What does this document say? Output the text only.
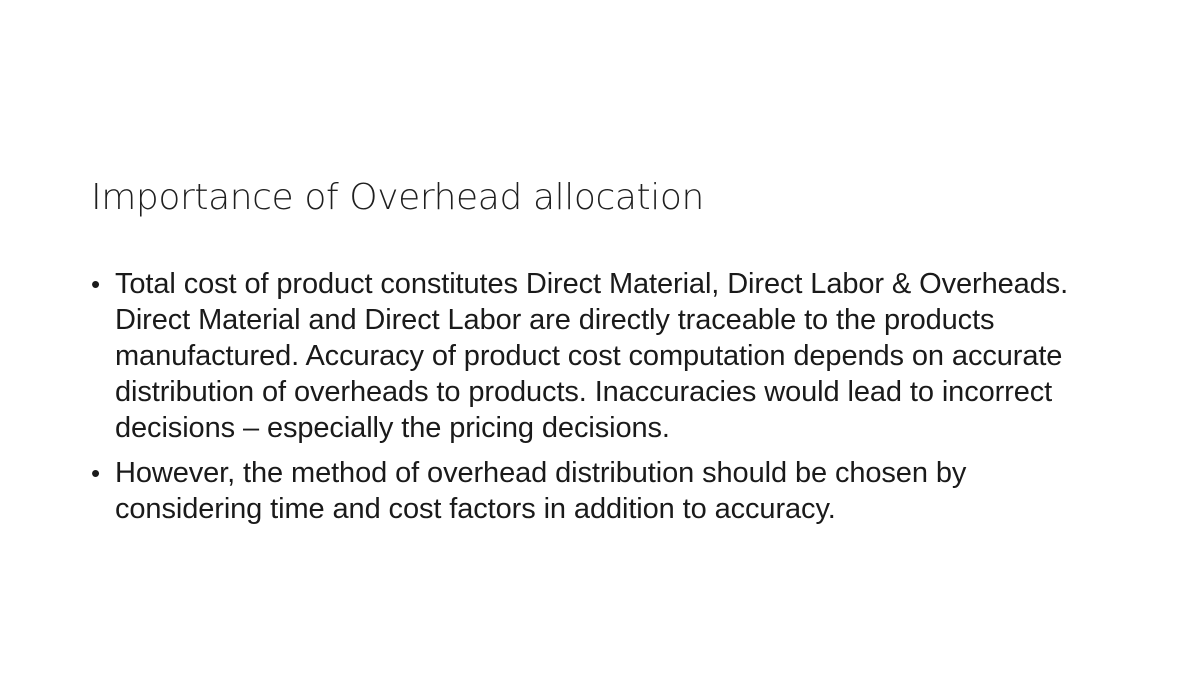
Importance of Overhead allocation
• Total cost of product constitutes Direct Material, Direct Labor & Overheads. Direct Material and Direct Labor are directly traceable to the products manufactured. Accuracy of product cost computation depends on accurate distribution of overheads to products. Inaccuracies would lead to incorrect decisions – especially the pricing decisions.
• However, the method of overhead distribution should be chosen by considering time and cost factors in addition to accuracy.
